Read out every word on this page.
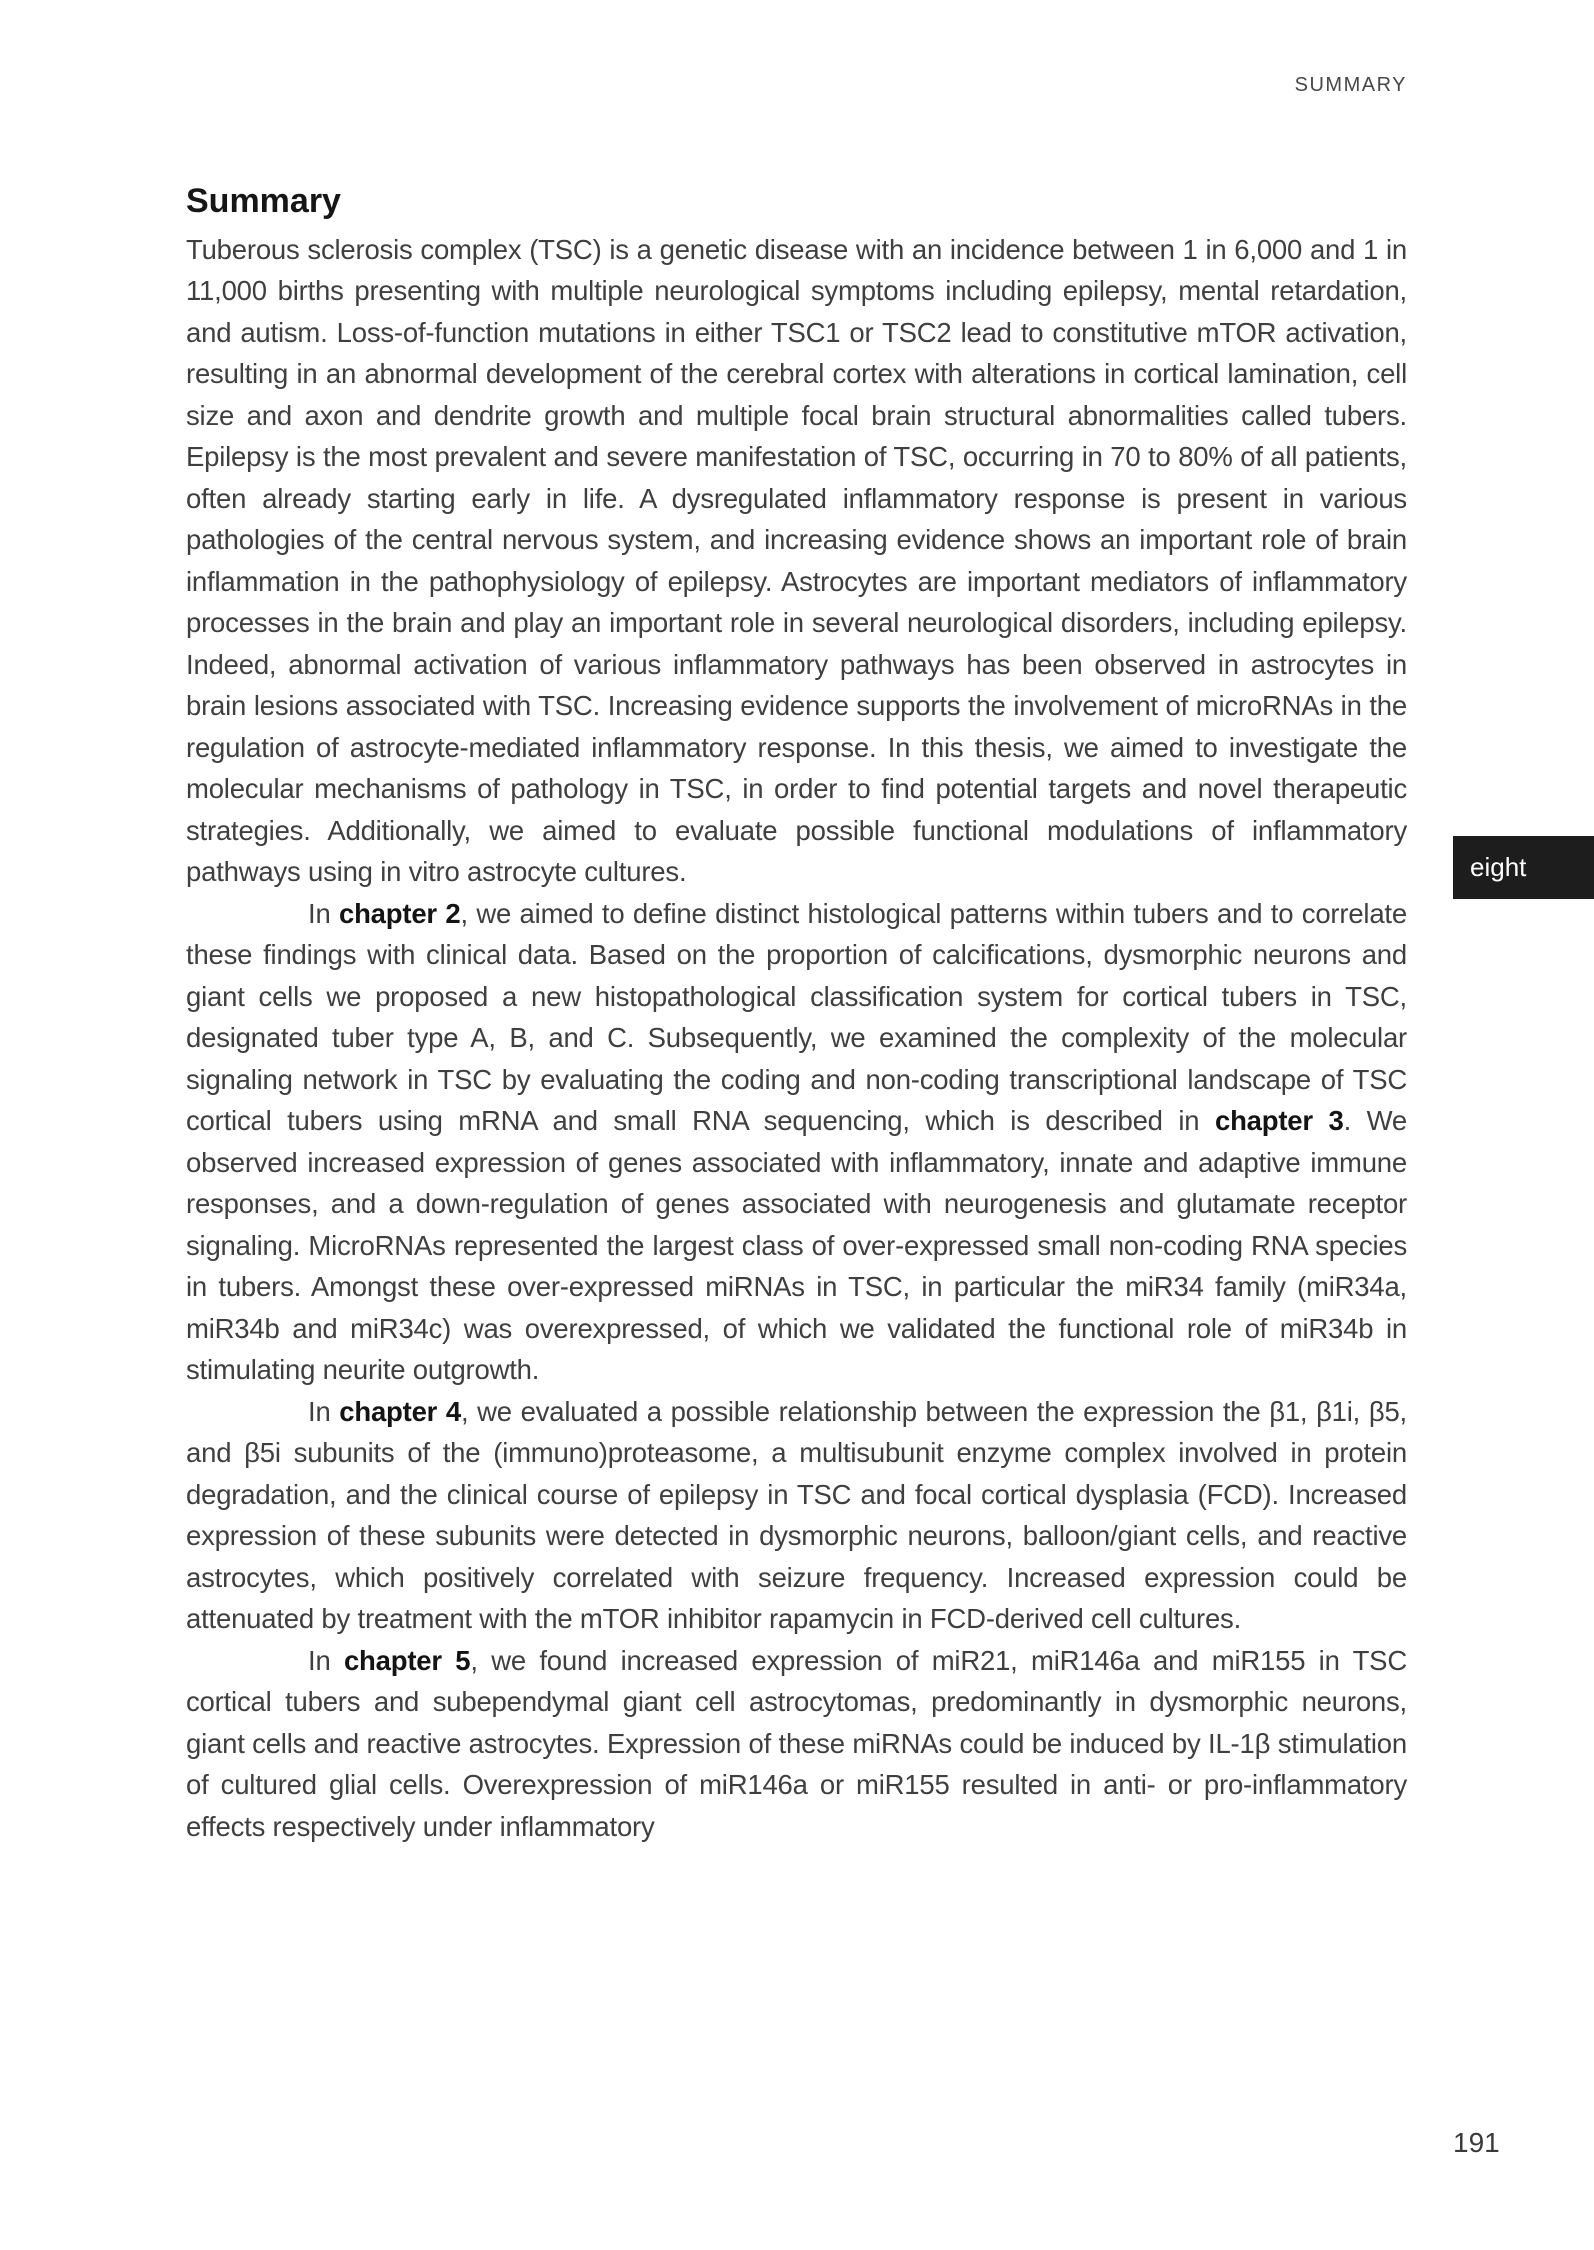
SUMMARY
Summary

Tuberous sclerosis complex (TSC) is a genetic disease with an incidence between 1 in 6,000 and 1 in 11,000 births presenting with multiple neurological symptoms including epilepsy, mental retardation, and autism. Loss-of-function mutations in either TSC1 or TSC2 lead to constitutive mTOR activation, resulting in an abnormal development of the cerebral cortex with alterations in cortical lamination, cell size and axon and dendrite growth and multiple focal brain structural abnormalities called tubers. Epilepsy is the most prevalent and severe manifestation of TSC, occurring in 70 to 80% of all patients, often already starting early in life. A dysregulated inflammatory response is present in various pathologies of the central nervous system, and increasing evidence shows an important role of brain inflammation in the pathophysiology of epilepsy. Astrocytes are important mediators of inflammatory processes in the brain and play an important role in several neurological disorders, including epilepsy. Indeed, abnormal activation of various inflammatory pathways has been observed in astrocytes in brain lesions associated with TSC. Increasing evidence supports the involvement of microRNAs in the regulation of astrocyte-mediated inflammatory response. In this thesis, we aimed to investigate the molecular mechanisms of pathology in TSC, in order to find potential targets and novel therapeutic strategies. Additionally, we aimed to evaluate possible functional modulations of inflammatory pathways using in vitro astrocyte cultures.

In chapter 2, we aimed to define distinct histological patterns within tubers and to correlate these findings with clinical data. Based on the proportion of calcifications, dysmorphic neurons and giant cells we proposed a new histopathological classification system for cortical tubers in TSC, designated tuber type A, B, and C. Subsequently, we examined the complexity of the molecular signaling network in TSC by evaluating the coding and non-coding transcriptional landscape of TSC cortical tubers using mRNA and small RNA sequencing, which is described in chapter 3. We observed increased expression of genes associated with inflammatory, innate and adaptive immune responses, and a down-regulation of genes associated with neurogenesis and glutamate receptor signaling. MicroRNAs represented the largest class of over-expressed small non-coding RNA species in tubers. Amongst these over-expressed miRNAs in TSC, in particular the miR34 family (miR34a, miR34b and miR34c) was overexpressed, of which we validated the functional role of miR34b in stimulating neurite outgrowth.

In chapter 4, we evaluated a possible relationship between the expression the β1, β1i, β5, and β5i subunits of the (immuno)proteasome, a multisubunit enzyme complex involved in protein degradation, and the clinical course of epilepsy in TSC and focal cortical dysplasia (FCD). Increased expression of these subunits were detected in dysmorphic neurons, balloon/giant cells, and reactive astrocytes, which positively correlated with seizure frequency. Increased expression could be attenuated by treatment with the mTOR inhibitor rapamycin in FCD-derived cell cultures.

In chapter 5, we found increased expression of miR21, miR146a and miR155 in TSC cortical tubers and subependymal giant cell astrocytomas, predominantly in dysmorphic neurons, giant cells and reactive astrocytes. Expression of these miRNAs could be induced by IL-1β stimulation of cultured glial cells. Overexpression of miR146a or miR155 resulted in anti- or pro-inflammatory effects respectively under inflammatory

eight
191
